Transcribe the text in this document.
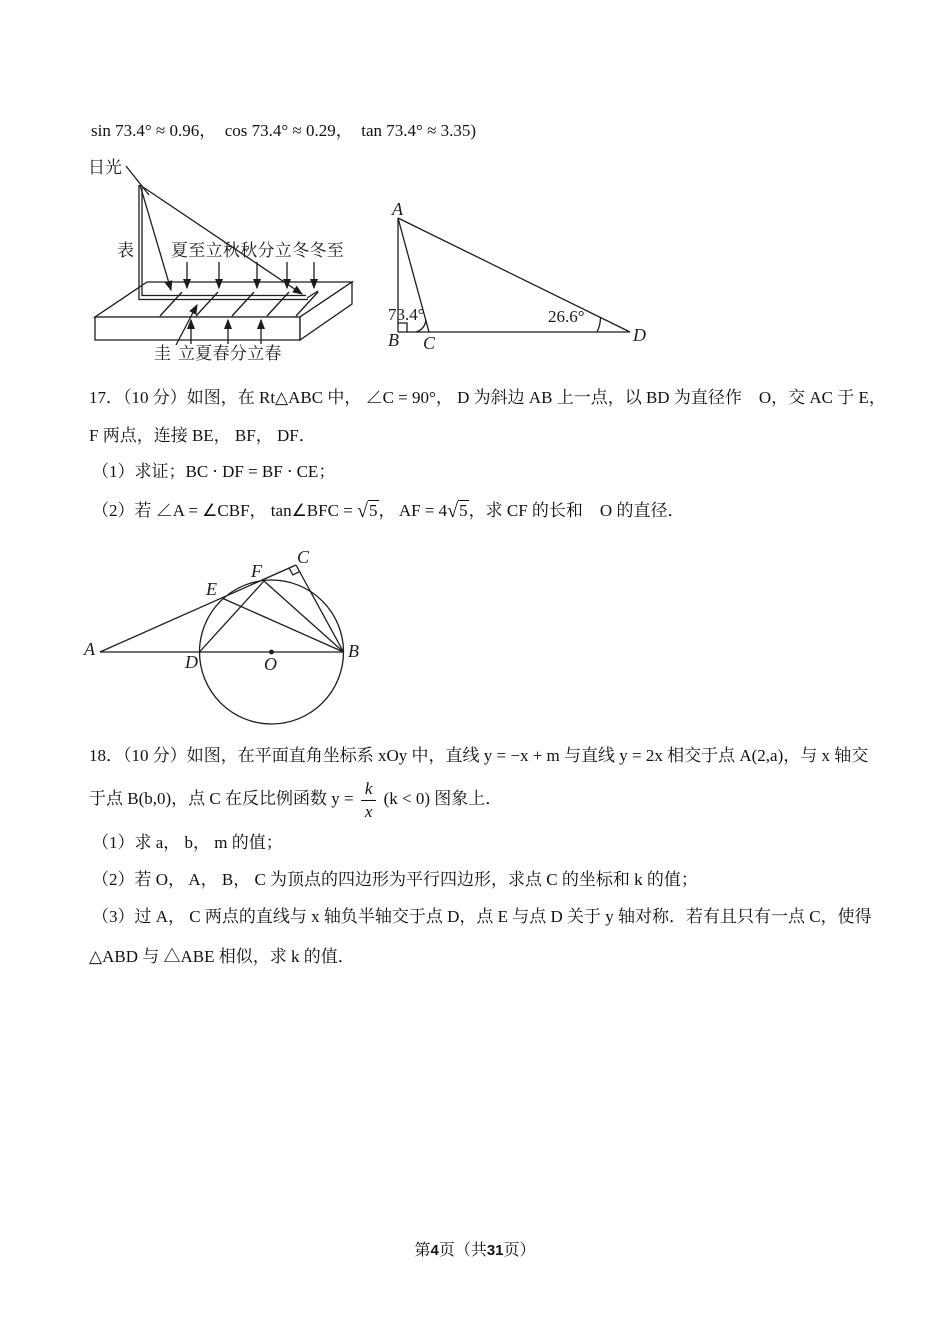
sin 73.4° ≈ 0.96，  cos 73.4° ≈ 0.29，  tan 73.4° ≈ 3.35)
日光
表 夏至立秋秋分立冬冬至
圭 立夏春分立春
A
B C	D
73.4°	26.6°
17．（10 分）如图，在 Rt△ABC 中， ∠C = 90°， D 为斜边 AB 上一点，以 BD 为直径作　O，交 AC 于 E，
F 两点，连接 BE， BF， DF．
（1）求证；BC ⋅ DF = BF ⋅ CE；
（2）若 ∠A = ∠CBF， tan∠BFC = √5， AF = 4√5，求 CF 的长和　O 的直径．
A
D	O
B
C
E
F
18．（10 分）如图，在平面直角坐标系 xOy 中，直线 y = −x + m 与直线 y = 2x 相交于点 A(2,a)，与 x 轴交
于点 B(b,0)，点 C 在反比例函数 $y = \frac{k}{x} (k < 0)$ 图象上．
（1）求 a， b， m 的值；
（2）若 O， A， B， C 为顶点的四边形为平行四边形，求点 C 的坐标和 k 的值；
（3）过 A， C 两点的直线与 x 轴负半轴交于点 D，点 E 与点 D 关于 y 轴对称．若有且只有一点 C，使得
△ABD 与 △ABE 相似，求 k 的值．
第4页（共31页）
